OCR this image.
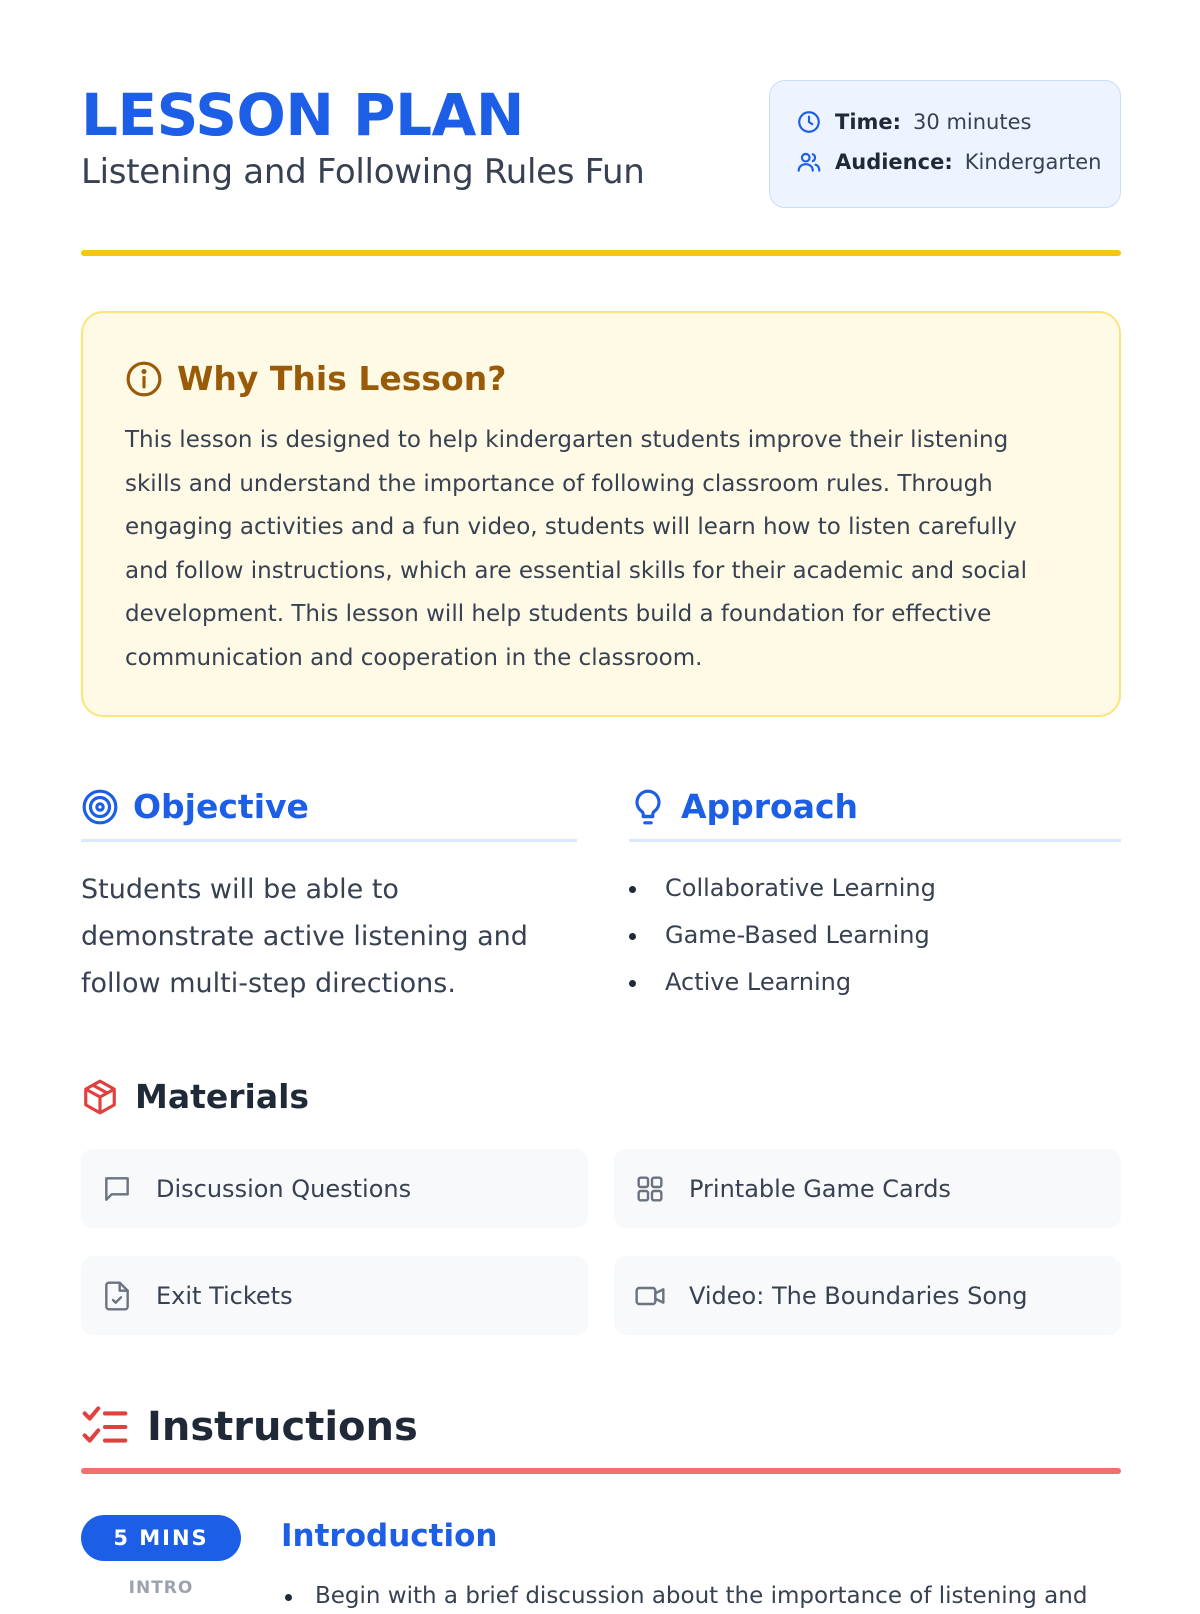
LESSON PLAN
Listening and Following Rules Fun
Time: 30 minutes
Audience: Kindergarten
Why This Lesson?
This lesson is designed to help kindergarten students improve their listening skills and understand the importance of following classroom rules. Through engaging activities and a fun video, students will learn how to listen carefully and follow instructions, which are essential skills for their academic and social development. This lesson will help students build a foundation for effective communication and cooperation in the classroom.
Objective
Students will be able to demonstrate active listening and follow multi-step directions.
Approach
Collaborative Learning
Game-Based Learning
Active Learning
Materials
Discussion Questions	Printable Game Cards
Exit Tickets	Video: The Boundaries Song
Instructions
5 MINS
INTRO
Introduction
Begin with a brief discussion about the importance of listening and
